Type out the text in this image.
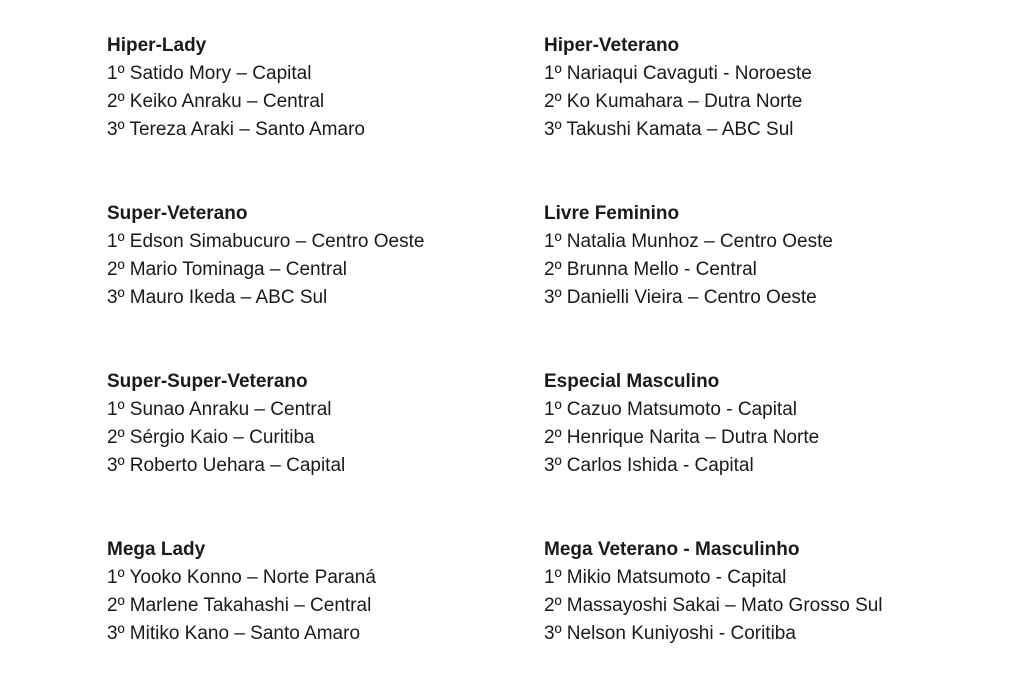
Hiper-Lady
1º Satido Mory – Capital
2º Keiko Anraku – Central
3º Tereza Araki – Santo Amaro
Hiper-Veterano
1º Nariaqui Cavaguti - Noroeste
2º Ko Kumahara – Dutra Norte
3º Takushi Kamata – ABC Sul
Super-Veterano
1º Edson Simabucuro – Centro Oeste
2º Mario Tominaga – Central
3º Mauro Ikeda – ABC Sul
Livre Feminino
1º Natalia Munhoz – Centro Oeste
2º Brunna Mello - Central
3º Danielli Vieira – Centro Oeste
Super-Super-Veterano
1º Sunao Anraku – Central
2º Sérgio Kaio – Curitiba
3º Roberto Uehara – Capital
Especial Masculino
1º Cazuo Matsumoto - Capital
2º Henrique Narita – Dutra Norte
3º Carlos Ishida - Capital
Mega Lady
1º Yooko Konno – Norte Paraná
2º Marlene Takahashi – Central
3º Mitiko Kano – Santo Amaro
Mega Veterano - Masculinho
1º Mikio Matsumoto - Capital
2º Massayoshi Sakai – Mato Grosso Sul
3º Nelson Kuniyoshi - Coritiba
